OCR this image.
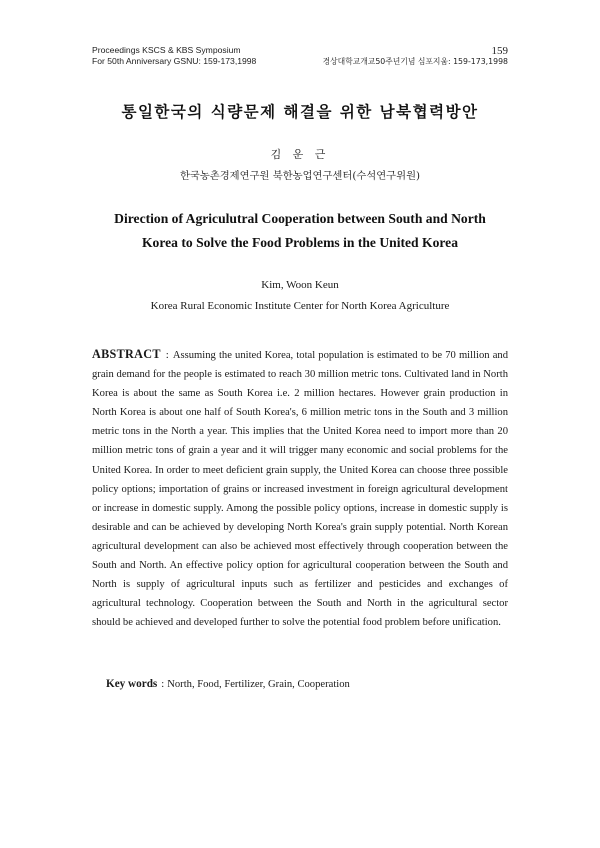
Proceedings KSCS & KBS Symposium
For 50th Anniversary GSNU: 159-173,1998
159
경상대학교개교50주년기념 심포지움: 159-173,1998
통일한국의 식량문제 해결을 위한 남북협력방안
김 운 근
한국농촌경제연구원 북한농업연구센터(수석연구위원)
Direction of Agriculutral Cooperation between South and North
Korea to Solve the Food Problems in the United Korea
Kim, Woon Keun
Korea Rural Economic Institute Center for North Korea Agriculture
ABSTRACT : Assuming the united Korea, total population is estimated to be 70 million and grain demand for the people is estimated to reach 30 million metric tons. Cultivated land in North Korea is about the same as South Korea i.e. 2 million hectares. However grain production in North Korea is about one half of South Korea's, 6 million metric tons in the South and 3 million metric tons in the North a year. This implies that the United Korea need to import more than 20 million metric tons of grain a year and it will trigger many economic and social problems for the United Korea. In order to meet deficient grain supply, the United Korea can choose three possible policy options; importation of grains or increased investment in foreign agricultural development or increase in domestic supply. Among the possible policy options, increase in domestic supply is desirable and can be achieved by developing North Korea's grain supply potential. North Korean agricultural development can also be achieved most effectively through cooperation between the South and North. An effective policy option for agricultural cooperation between the South and North is supply of agricultural inputs such as fertilizer and pesticides and exchanges of agricultural technology. Cooperation between the South and North in the agricultural sector should be achieved and developed further to solve the potential food problem before unification.
Key words : North, Food, Fertilizer, Grain, Cooperation
